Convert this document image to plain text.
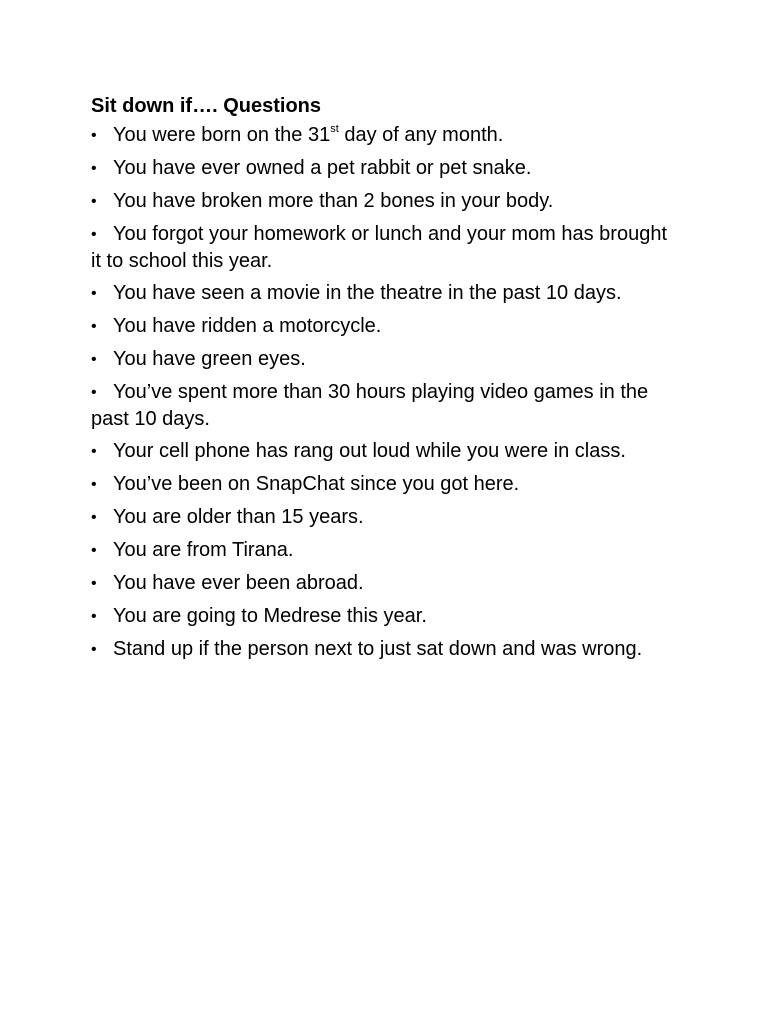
Sit down if…. Questions
• You were born on the 31st day of any month.
• You have ever owned a pet rabbit or pet snake.
• You have broken more than 2 bones in your body.
• You forgot your homework or lunch and your mom has brought it to school this year.
• You have seen a movie in the theatre in the past 10 days.
• You have ridden a motorcycle.
• You have green eyes.
• You’ve spent more than 30 hours playing video games in the past 10 days.
• Your cell phone has rang out loud while you were in class.
• You’ve been on SnapChat since you got here.
• You are older than 15 years.
• You are from Tirana.
• You have ever been abroad.
• You are going to Medrese this year.
• Stand up if the person next to just sat down and was wrong.
